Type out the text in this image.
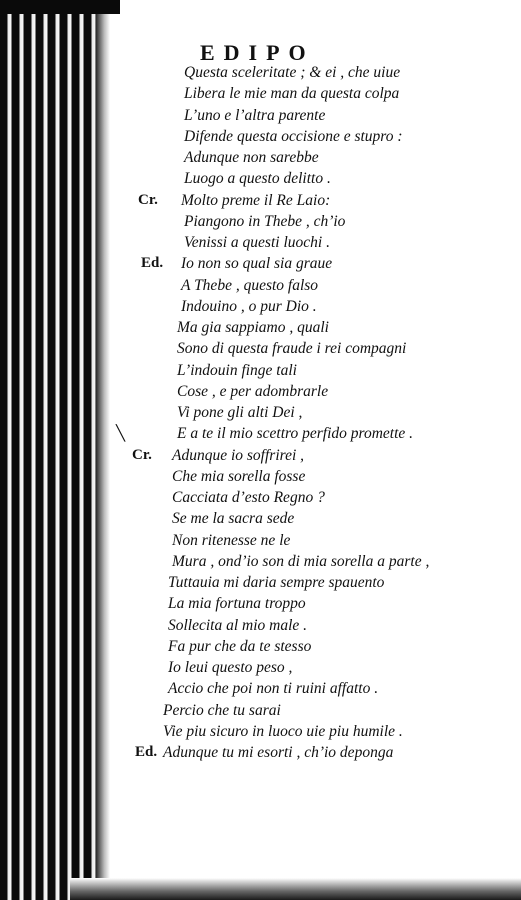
EDIPO
╲
Questa sceleritate ; & ei , che uiue
Libera le mie man da questa colpa
L’uno e l’altra parente
Difende questa occisione e stupro :
Adunque non sarebbe
Luogo a questo delitto .
Cr. Molto preme il Re Laio:
Piangono in Thebe , ch’io
Venissi a questi luochi .
Ed. Io non so qual sia graue
A Thebe , questo falso
Indouino , o pur Dio .
Ma gia sappiamo , quali
Sono di questa fraude i rei compagni
L’indouin finge tali
Cose , e per adombrarle
Vi pone gli alti Dei ,
E a te il mio scettro perfido promette .
Cr. Adunque io soffrirei ,
Che mia sorella fosse
Cacciata d’esto Regno ?
Se me la sacra sede
Non ritenesse ne le
Mura , ond’io son di mia sorella a parte ,
Tuttauia mi daria sempre spauento
La mia fortuna troppo
Sollecita al mio male .
Fa pur che da te stesso
Io leui questo peso ,
Accio che poi non ti ruini affatto .
Percio che tu sarai
Vie piu sicuro in luoco uie piu humile .
Ed. Adunque tu mi esorti , ch’io deponga
